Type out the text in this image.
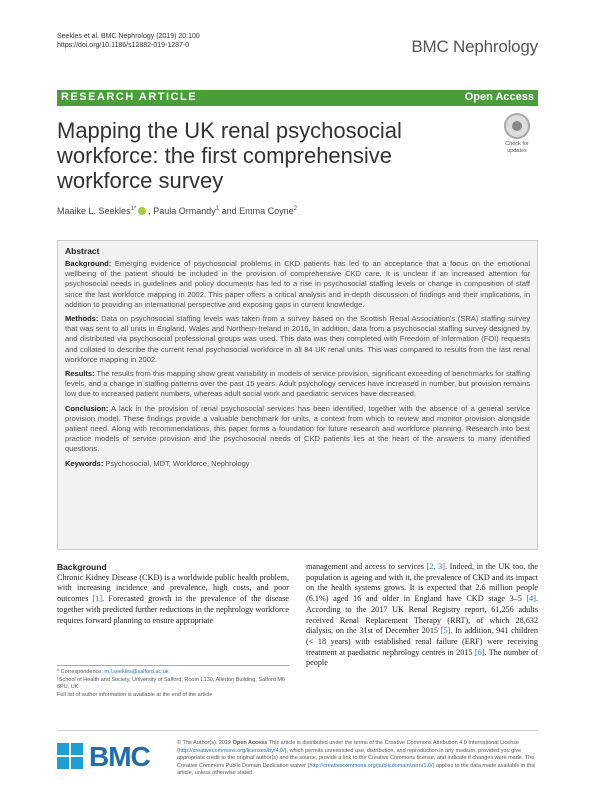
Seekles et al. BMC Nephrology (2019) 20:100
https://doi.org/10.1186/s12882-019-1287-0	BMC Nephrology
RESEARCH ARTICLE	Open Access
Mapping the UK renal psychosocial workforce: the first comprehensive workforce survey
Check for
updates
Maaike L. Seekles$^{1*}$ , Paula Ormandy$^1$ and Emma Coyne$^2$
Abstract

Background: Emerging evidence of psychosocial problems in CKD patients has led to an acceptance that a focus on the emotional wellbeing of the patient should be included in the provision of comprehensive CKD care. It is unclear if an increased attention for psychosocial needs in guidelines and policy documents has led to a rise in psychosocial staffing levels or change in composition of staff since the last workforce mapping in 2002. This paper offers a critical analysis and in-depth discussion of findings and their implications, in addition to providing an international perspective and exposing gaps in current knowledge.

Methods: Data on psychosocial staffing levels was taken from a survey based on the Scottish Renal Association's (SRA) staffing survey that was sent to all units in England, Wales and Northern-Ireland in 2016. In addition, data from a psychosocial staffing survey designed by and distributed via psychosocial professional groups was used. This data was then completed with Freedom of Information (FOI) requests and collated to describe the current renal psychosocial workforce in all 84 UK renal units. This was compared to results from the last renal workforce mapping in 2002.

Results: The results from this mapping show great variability in models of service provision, significant exceeding of benchmarks for staffing levels, and a change in staffing patterns over the past 15 years. Adult psychology services have increased in number, but provision remains low due to increased patient numbers, whereas adult social work and paediatric services have decreased.

Conclusion: A lack in the provision of renal psychosocial services has been identified, together with the absence of a general service provision model. These findings provide a valuable benchmark for units, a context from which to review and monitor provision alongside patient need. Along with recommendations, this paper forms a foundation for future research and workforce planning. Research into best practice models of service provision and the psychosocial needs of CKD patients lies at the heart of the answers to many identified questions.

Keywords: Psychosocial, MDT, Workforce, Nephrology
Background

Chronic Kidney Disease (CKD) is a worldwide public health problem, with increasing incidence and prevalence, high costs, and poor outcomes [1]. Forecasted growth in the prevalence of the disease together with predicted further reductions in the nephrology workforce requires forward planning to ensure appropriate

management and access to services [2, 3]. Indeed, in the UK too, the population is ageing and with it, the prevalence of CKD and its impact on the health systems grows. It is expected that 2.6 million people (6.1%) aged 16 and older in England have CKD stage 3–5 [4]. According to the 2017 UK Renal Registry report, 61,256 adults received Renal Replacement Therapy (RRT), of which 28,632 dialysis, on the 31st of December 2015 [5]. In addition, 941 children (< 18 years) with established renal failure (ERF) were receiving treatment at paediatric nephrology centres in 2015 [6]. The number of people

* Correspondence: m.l.seekles@salford.ac.uk
¹School of Health and Society, University of Salford, Room L130, Allerton Building, Salford M6 6PU, UK
Full list of author information is available at the end of the article
BMC	© The Author(s). 2019 Open Access This article is distributed under the terms of the Creative Commons Attribution 4.0 International License (http://creativecommons.org/licenses/by/4.0/), which permits unrestricted use, distribution, and reproduction in any medium, provided you give appropriate credit to the original author(s) and the source, provide a link to the Creative Commons license, and indicate if changes were made. The Creative Commons Public Domain Dedication waiver (http://creativecommons.org/publicdomain/zero/1.0/) applies to the data made available in this article, unless otherwise stated.
